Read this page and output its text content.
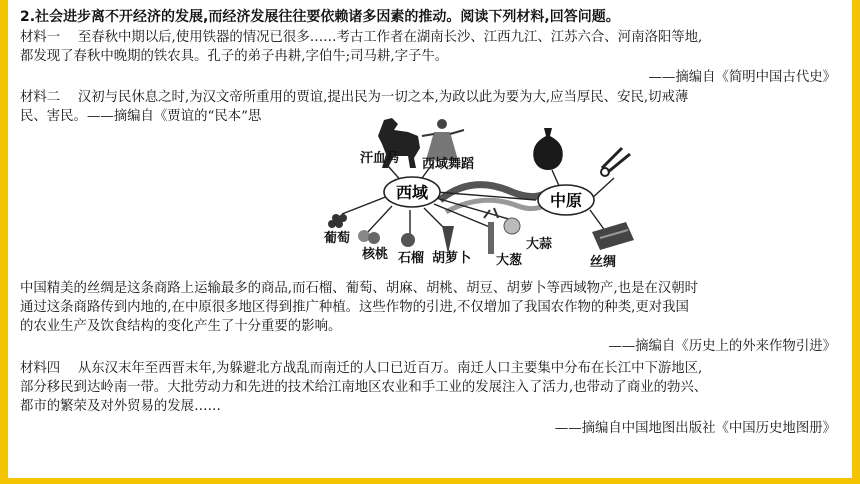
2.社会进步离不开经济的发展,而经济发展往往要依赖诸多因素的推动。阅读下列材料,回答问题。
材料一　 至春秋中期以后,使用铁器的情况已很多……考古工作者在湖南长沙、江西九江、江苏六合、河南洛阳等地,
都发现了春秋中晚期的铁农具。孔子的弟子冉耕,字伯牛;司马耕,字子牛。
——摘编自《简明中国古代史》
材料二　 汉初与民休息之时,为汉文帝所重用的贾谊,提出民为一切之本,为政以此为要为大,应当厚民、安民,切戒薄
民、害民。——摘编自《贾谊的“民本”思
西域	中原
汗血马 西域舞蹈
葡萄
核桃 石榴 胡萝卜 大葱
大蒜
丝绸
中国精美的丝绸是这条商路上运输最多的商品,而石榴、葡萄、胡麻、胡桃、胡豆、胡萝卜等西域物产,也是在汉朝时
通过这条商路传到内地的,在中原很多地区得到推广种植。这些作物的引进,不仅增加了我国农作物的种类,更对我国
的农业生产及饮食结构的变化产生了十分重要的影响。
——摘编自《历史上的外来作物引进》
材料四　 从东汉末年至西晋末年,为躲避北方战乱而南迁的人口已近百万。南迁人口主要集中分布在长江中下游地区,
部分移民到达岭南一带。大批劳动力和先进的技术给江南地区农业和手工业的发展注入了活力,也带动了商业的勃兴、
都市的繁荣及对外贸易的发展……
——摘编自中国地图出版社《中国历史地图册》
